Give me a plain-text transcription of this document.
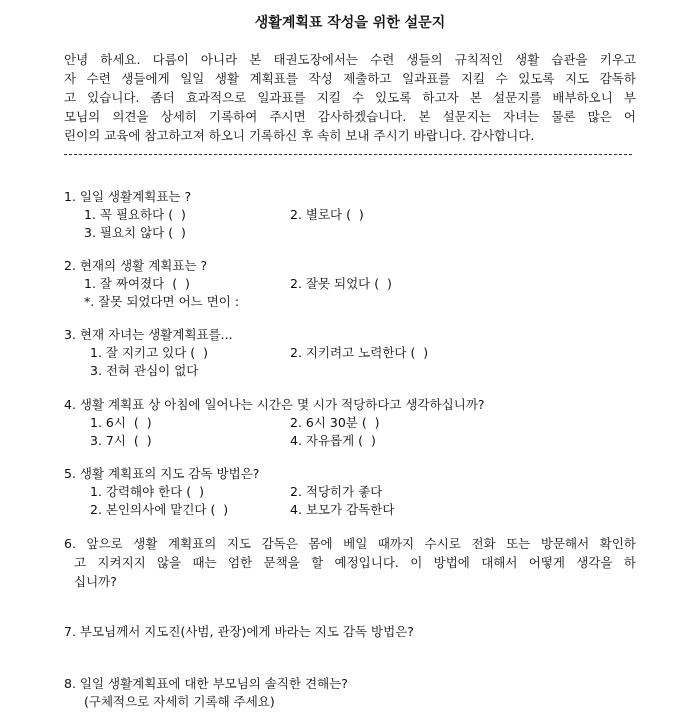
생활계획표 작성을 위한 설문지
안녕 하세요. 다름이 아니라 본 태권도장에서는 수련 생들의 규칙적인 생활 습관을 키우고
자 수련 생들에게 일일 생활 계획표를 작성 제출하고 일과표를 지킬 수 있도록 지도 감독하
고 있습니다. 좀더 효과적으로 일과표를 지킬 수 있도록 하고자 본 설문지를 배부하오니 부
모님의 의견을 상세히 기록하여 주시면 감사하겠습니다. 본 설문지는 자녀는 물론 많은 어
린이의 교육에 참고하고져 하오니 기록하신 후 속히 보내 주시기 바랍니다. 감사합니다.
1. 일일 생활계획표는 ?
1. 꼭 필요하다 (  )	2. 별로다 (  )
3. 필요치 않다 (  )
2. 현재의 생활 계획표는 ?
1. 잘 짜여졌다  (  )	2. 잘못 되었다 (  )
*. 잘못 되었다면 어느 면이 :
3. 현재 자녀는 생활계획표를...
1. 잘 지키고 있다 (  )	2. 지키려고 노력한다 (  )
3. 전혀 관심이 없다
4. 생활 계획표 상 아침에 일어나는 시간은 몇 시가 적당하다고 생각하십니까?
1. 6시  (  )	2. 6시 30분 (  )
3. 7시  (  )	4. 자유롭게 (  )
5. 생활 계획표의 지도 감독 방법은?
1. 강력해야 한다 (  )	2. 적당히가 좋다
2. 본인의사에 맡긴다 (  )	4. 보모가 감독한다
6. 앞으로 생활 계획표의 지도 감독은 몸에 베일 때까지 수시로 전화 또는 방문해서 확인하
고 지켜지지 않을 때는 엄한 문책을 할 예정입니다. 이 방법에 대해서 어떻게 생각을 하
십니까?
7. 부모님께서 지도진(사범, 관장)에게 바라는 지도 감독 방법은?
8. 일일 생활계획표에 대한 부모님의 솔직한 견해는?
(구체적으로 자세히 기록해 주세요)
